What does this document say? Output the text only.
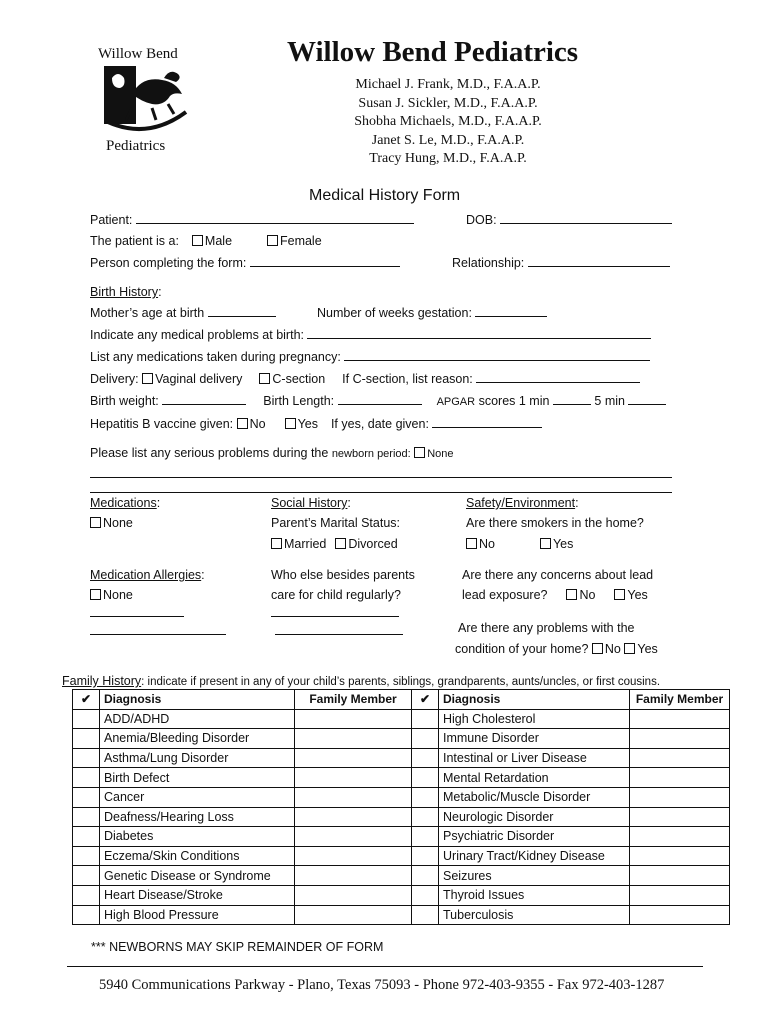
Willow Bend
Pediatrics
Willow Bend Pediatrics
Michael J. Frank, M.D., F.A.A.P.
Susan J. Sickler, M.D., F.A.A.P.
Shobha Michaels, M.D., F.A.A.P.
Janet S. Le, M.D., F.A.A.P.
Tracy Hung, M.D., F.A.A.P.
Medical History Form
Patient:	DOB:
The patient is a: Male	Female
Person completing the form:	Relationship:
Birth History:
Mother’s age at birth	Number of weeks gestation:
Indicate any medical problems at birth:
List any medications taken during pregnancy:
Delivery: Vaginal delivery C-section If C-section, list reason:
Birth weight:	Birth Length:	APGAR scores 1 min	5 min
Hepatitis B vaccine given: No	Yes If yes, date given:
Please list any serious problems during the newborn period: None
Medications:
None
Social History:
Parent’s Marital Status:
Married Divorced
Safety/Environment:
Are there smokers in the home?
No	Yes
Medication Allergies:
None
Who else besides parents
care for child regularly?
Are there any concerns about lead
lead exposure?	No	Yes
Are there any problems with the
condition of your home? No Yes
Family History: indicate if present in any of your child’s parents, siblings, grandparents, aunts/uncles, or first cousins.
✔	Diagnosis	Family Member	✔	Diagnosis	Family Member
	ADD/ADHD			High Cholesterol	
	Anemia/Bleeding Disorder			Immune Disorder	
	Asthma/Lung Disorder			Intestinal or Liver Disease	
	Birth Defect			Mental Retardation	
	Cancer			Metabolic/Muscle Disorder	
	Deafness/Hearing Loss			Neurologic Disorder	
	Diabetes			Psychiatric Disorder	
	Eczema/Skin Conditions			Urinary Tract/Kidney Disease	
	Genetic Disease or Syndrome			Seizures	
	Heart Disease/Stroke			Thyroid Issues	
	High Blood Pressure			Tuberculosis	
*** NEWBORNS MAY SKIP REMAINDER OF FORM
5940 Communications Parkway - Plano, Texas 75093 - Phone 972-403-9355 - Fax 972-403-1287
